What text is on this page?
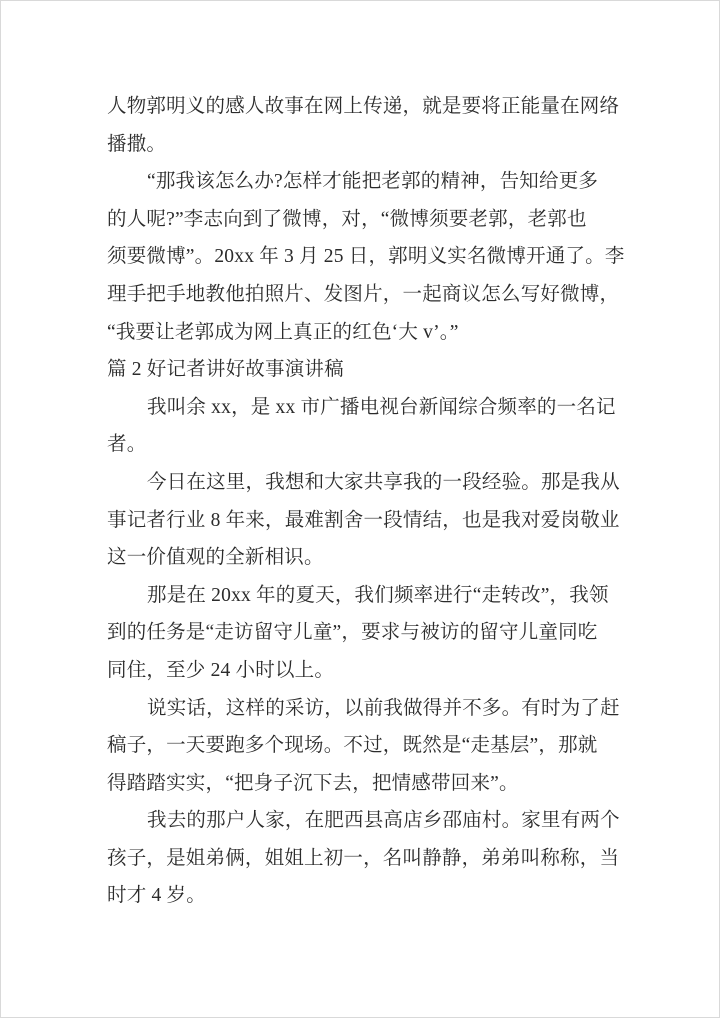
人物郭明义的感人故事在网上传递，就是要将正能量在网络
播撒。
“那我该怎么办?怎样才能把老郭的精神，告知给更多
的人呢?”李志向到了微博，对，“微博须要老郭，老郭也
须要微博”。20xx 年 3 月 25 日，郭明义实名微博开通了。李
理手把手地教他拍照片、发图片，一起商议怎么写好微博，
“我要让老郭成为网上真正的红色‘大 v’。”
篇 2 好记者讲好故事演讲稿
我叫余 xx，是 xx 市广播电视台新闻综合频率的一名记
者。
今日在这里，我想和大家共享我的一段经验。那是我从
事记者行业 8 年来，最难割舍一段情结，也是我对爱岗敬业
这一价值观的全新相识。
那是在 20xx 年的夏天，我们频率进行“走转改”，我领
到的任务是“走访留守儿童”，要求与被访的留守儿童同吃
同住，至少 24 小时以上。
说实话，这样的采访，以前我做得并不多。有时为了赶
稿子，一天要跑多个现场。不过，既然是“走基层”，那就
得踏踏实实，“把身子沉下去，把情感带回来”。
我去的那户人家，在肥西县高店乡邵庙村。家里有两个
孩子，是姐弟俩，姐姐上初一，名叫静静，弟弟叫称称，当
时才 4 岁。
